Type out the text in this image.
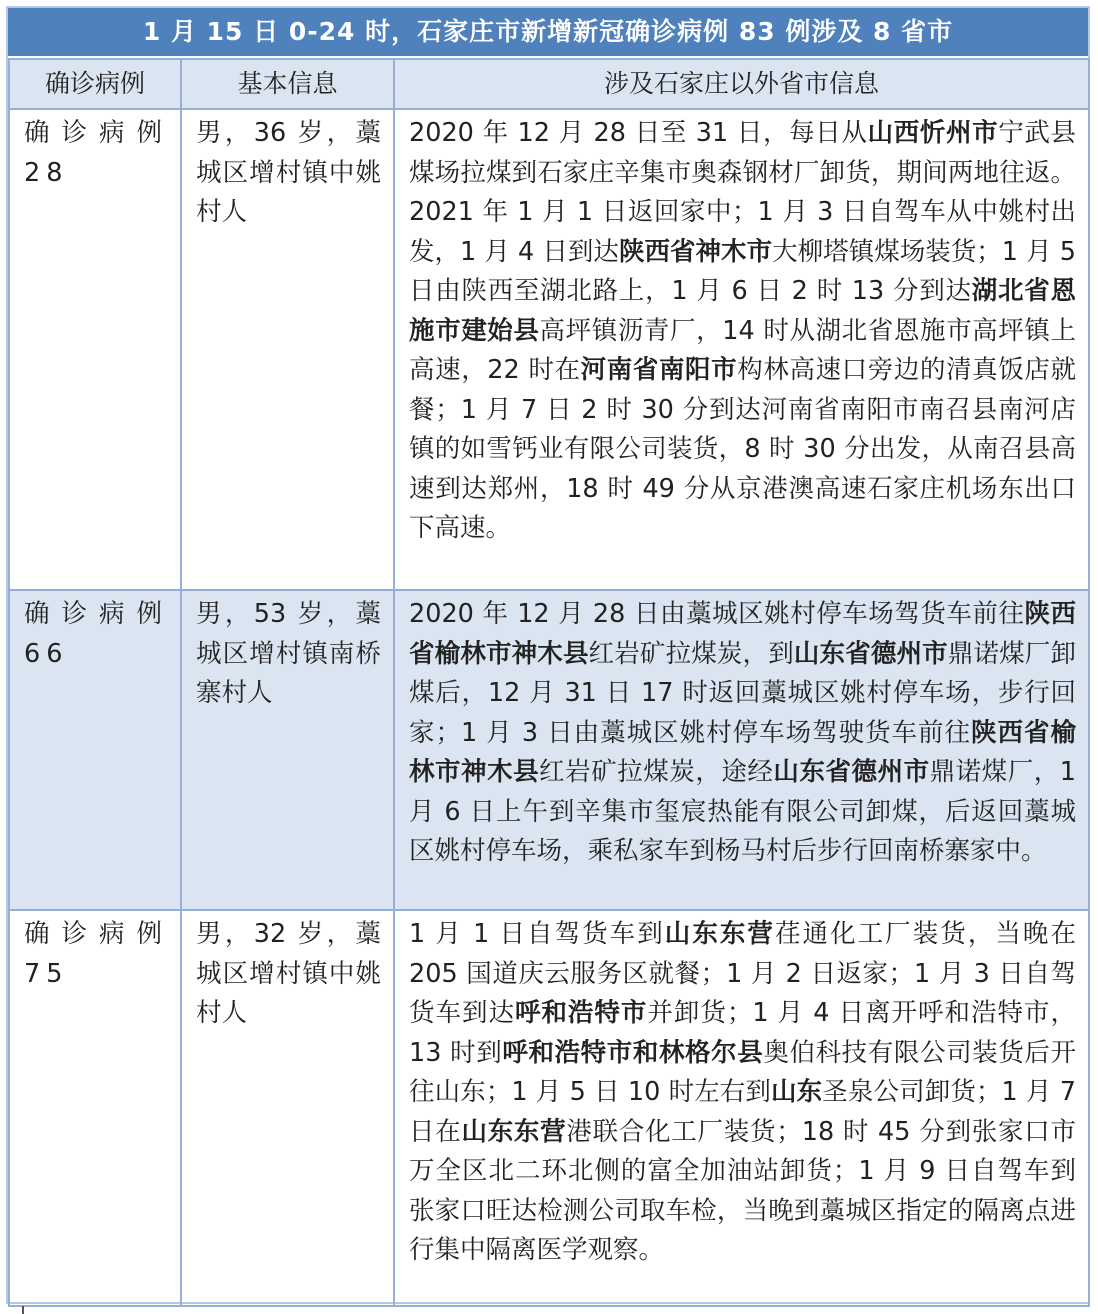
1 月 15 日 0-24 时，石家庄市新增新冠确诊病例 83 例涉及 8 省市
确诊病例	基本信息	涉及石家庄以外省市信息
确诊病例 28	男，36 岁，藁城区增村镇中姚村人	2020 年 12 月 28 日至 31 日，每日从山西忻州市宁武县煤场拉煤到石家庄辛集市奥森钢材厂卸货，期间两地往返。2021 年 1 月 1 日返回家中；1 月 3 日自驾车从中姚村出发，1 月 4 日到达陕西省神木市大柳塔镇煤场装货；1 月 5 日由陕西至湖北路上，1 月 6 日 2 时 13 分到达湖北省恩施市建始县高坪镇沥青厂，14 时从湖北省恩施市高坪镇上高速，22 时在河南省南阳市构林高速口旁边的清真饭店就餐；1 月 7 日 2 时 30 分到达河南省南阳市南召县南河店镇的如雪钙业有限公司装货，8 时 30 分出发，从南召县高速到达郑州，18 时 49 分从京港澳高速石家庄机场东出口下高速。
确诊病例 66	男，53 岁，藁城区增村镇南桥寨村人	2020 年 12 月 28 日由藁城区姚村停车场驾货车前往陕西省榆林市神木县红岩矿拉煤炭，到山东省德州市鼎诺煤厂卸煤后，12 月 31 日 17 时返回藁城区姚村停车场，步行回家；1 月 3 日由藁城区姚村停车场驾驶货车前往陕西省榆林市神木县红岩矿拉煤炭，途经山东省德州市鼎诺煤厂，1 月 6 日上午到辛集市玺宸热能有限公司卸煤，后返回藁城区姚村停车场，乘私家车到杨马村后步行回南桥寨家中。
确诊病例 75	男，32 岁，藁城区增村镇中姚村人	1 月 1 日自驾货车到山东东营荏通化工厂装货，当晚在 205 国道庆云服务区就餐；1 月 2 日返家；1 月 3 日自驾货车到达呼和浩特市并卸货；1 月 4 日离开呼和浩特市，13 时到呼和浩特市和林格尔县奥伯科技有限公司装货后开往山东；1 月 5 日 10 时左右到山东圣泉公司卸货；1 月 7 日在山东东营港联合化工厂装货；18 时 45 分到张家口市万全区北二环北侧的富全加油站卸货；1 月 9 日自驾车到张家口旺达检测公司取车检，当晚到藁城区指定的隔离点进行集中隔离医学观察。
